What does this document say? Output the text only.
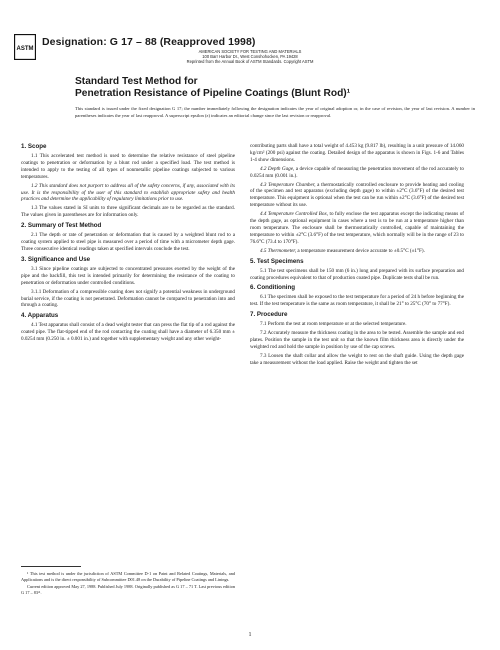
ASTM
Designation: G 17 – 88 (Reapproved 1998)
AMERICAN SOCIETY FOR TESTING AND MATERIALS
100 Barr Harbor Dr., West Conshohocken, PA 19428
Reprinted from the Annual Book of ASTM Standards. Copyright ASTM
Standard Test Method for
Penetration Resistance of Pipeline Coatings (Blunt Rod)¹
This standard is issued under the fixed designation G 17; the number immediately following the designation indicates the year of original adoption or, in the case of revision, the year of last revision. A number in parentheses indicates the year of last reapproval. A superscript epsilon (ε) indicates an editorial change since the last revision or reapproval.
1. Scope

1.1 This accelerated test method is used to determine the relative resistance of steel pipeline coatings to penetration or deformation by a blunt rod under a specified load. The test method is intended to apply to the testing of all types of nonmetallic pipeline coatings subjected to various temperatures.

1.2 This standard does not purport to address all of the safety concerns, if any, associated with its use. It is the responsibility of the user of this standard to establish appropriate safety and health practices and determine the applicability of regulatory limitations prior to use.

1.3 The values stated in SI units to three significant decimals are to be regarded as the standard. The values given in parentheses are for information only.

2. Summary of Test Method

2.1 The depth or rate of penetration or deformation that is caused by a weighted blunt rod to a coating system applied to steel pipe is measured over a period of time with a micrometer depth gage. Three consecutive identical readings taken at specified intervals conclude the test.

3. Significance and Use

3.1 Since pipeline coatings are subjected to concentrated pressures exerted by the weight of the pipe and the backfill, this test is intended primarily for determining the resistance of the coating to penetration or deformation under controlled conditions.

3.1.1 Deformation of a compressible coating does not signify a potential weakness in underground burial service, if the coating is not penetrated. Deformation cannot be compared to penetration into and through a coating.

4. Apparatus

4.1 Test apparatus shall consist of a dead weight tester that can press the flat tip of a rod against the coated pipe. The flat-tipped end of the rod contacting the coating shall have a diameter of 6.350 mm ± 0.0254 mm (0.250 in. ± 0.001 in.) and together with supplementary weight and any other weight-

¹ This test method is under the jurisdiction of ASTM Committee D-1 on Paint and Related Coatings, Materials, and Applications and is the direct responsibility of Subcommittee D01.48 on the Durability of Pipeline Coatings and Linings.

Current edition approved May 27, 1988. Published July 1988. Originally published as G 17 – 71 T. Last previous edition G 17 – 83ᵉ¹.

contributing parts shall have a total weight of 4.453 kg (9.817 lb), resulting in a unit pressure of 14.060 kg/cm² (200 psi) against the coating. Detailed design of the apparatus is shown in Figs. 1-6 and Tables 1-4 show dimensions.

4.2 Depth Gage, a device capable of measuring the penetration movement of the rod accurately to 0.0254 mm (0.001 in.).

4.3 Temperature Chamber, a thermostatically controlled enclosure to provide heating and cooling of the specimen and test apparatus (excluding depth gage) to within ±2°C (3.6°F) of the desired test temperature. This equipment is optional when the test can be run within ±2°C (3.6°F) of the desired test temperature without its use.

4.4 Temperature Controlled Box, to fully enclose the test apparatus except the indicating means of the depth gage, as optional equipment in cases where a test is to be run at a temperature higher than room temperature. The enclosure shall be thermostatically controlled, capable of maintaining the temperature to within ±2°C (3.6°F) of the test temperature, which normally will be in the range of 23 to 76.6°C (73.4 to 170°F).

4.5 Thermometer, a temperature measurement device accurate to ±0.5°C (±1°F).

5. Test Specimens

5.1 The test specimens shall be 150 mm (6 in.) long and prepared with its surface preparation and coating procedures equivalent to that of production coated pipe. Duplicate tests shall be run.

6. Conditioning

6.1 The specimen shall be exposed to the test temperature for a period of 24 h before beginning the test. If the test temperature is the same as room temperature, it shall be 21° to 25°C (70° to 77°F).

7. Procedure

7.1 Perform the test at room temperature or at the selected temperature.

7.2 Accurately measure the thickness coating in the area to be tested. Assemble the sample and end plates. Position the sample in the test unit so that the known film thickness area is directly under the weighted rod and hold the sample in position by use of the cap screws.

7.3 Loosen the shaft collar and allow the weight to rest on the shaft guide. Using the depth gage take a measurement without the load applied. Raise the weight and tighten the set

1
